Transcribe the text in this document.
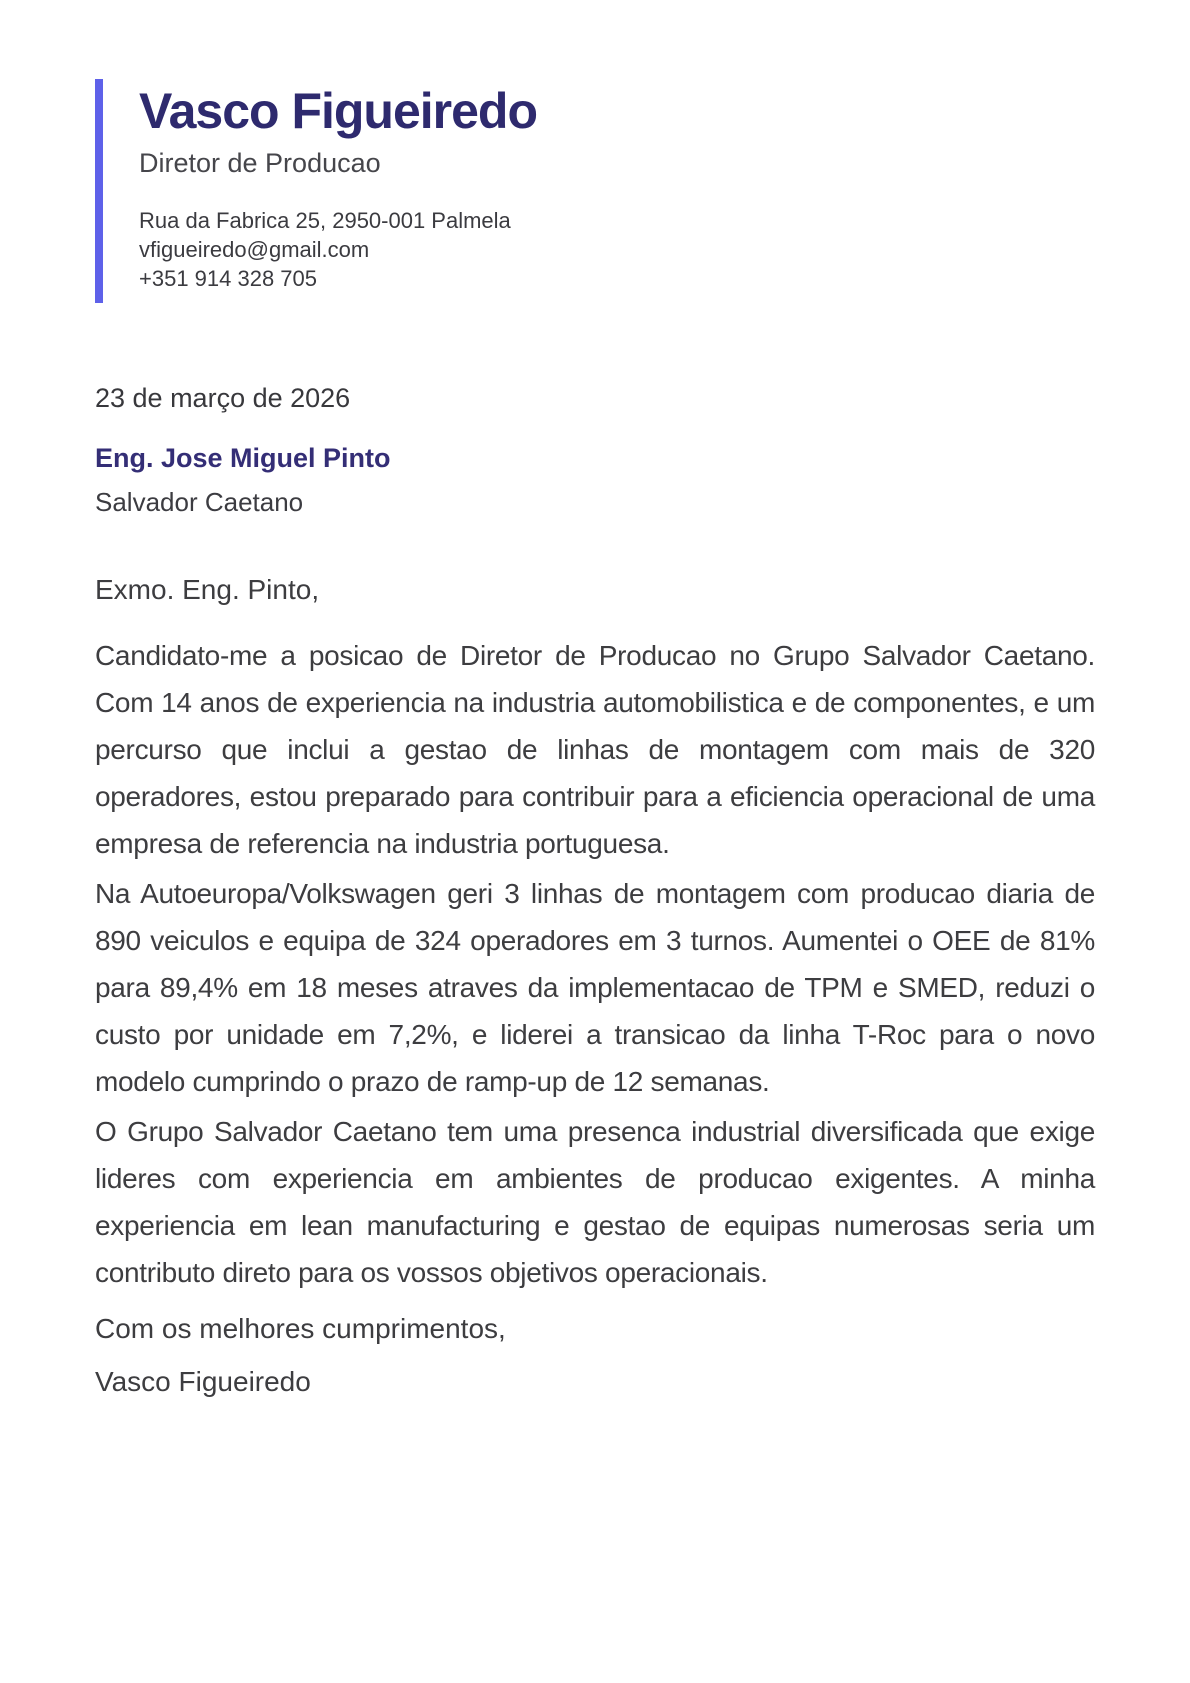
Vasco Figueiredo
Diretor de Producao
Rua da Fabrica 25, 2950-001 Palmela
vfigueiredo@gmail.com
+351 914 328 705
23 de março de 2026
Eng. Jose Miguel Pinto
Salvador Caetano

Exmo. Eng. Pinto,

Candidato-me a posicao de Diretor de Producao no Grupo Salvador Caetano. Com 14 anos de experiencia na industria automobilistica e de componentes, e um percurso que inclui a gestao de linhas de montagem com mais de 320 operadores, estou preparado para contribuir para a eficiencia operacional de uma empresa de referencia na industria portuguesa.

Na Autoeuropa/Volkswagen geri 3 linhas de montagem com producao diaria de 890 veiculos e equipa de 324 operadores em 3 turnos. Aumentei o OEE de 81% para 89,4% em 18 meses atraves da implementacao de TPM e SMED, reduzi o custo por unidade em 7,2%, e liderei a transicao da linha T-Roc para o novo modelo cumprindo o prazo de ramp-up de 12 semanas.

O Grupo Salvador Caetano tem uma presenca industrial diversificada que exige lideres com experiencia em ambientes de producao exigentes. A minha experiencia em lean manufacturing e gestao de equipas numerosas seria um contributo direto para os vossos objetivos operacionais.

Com os melhores cumprimentos,

Vasco Figueiredo
